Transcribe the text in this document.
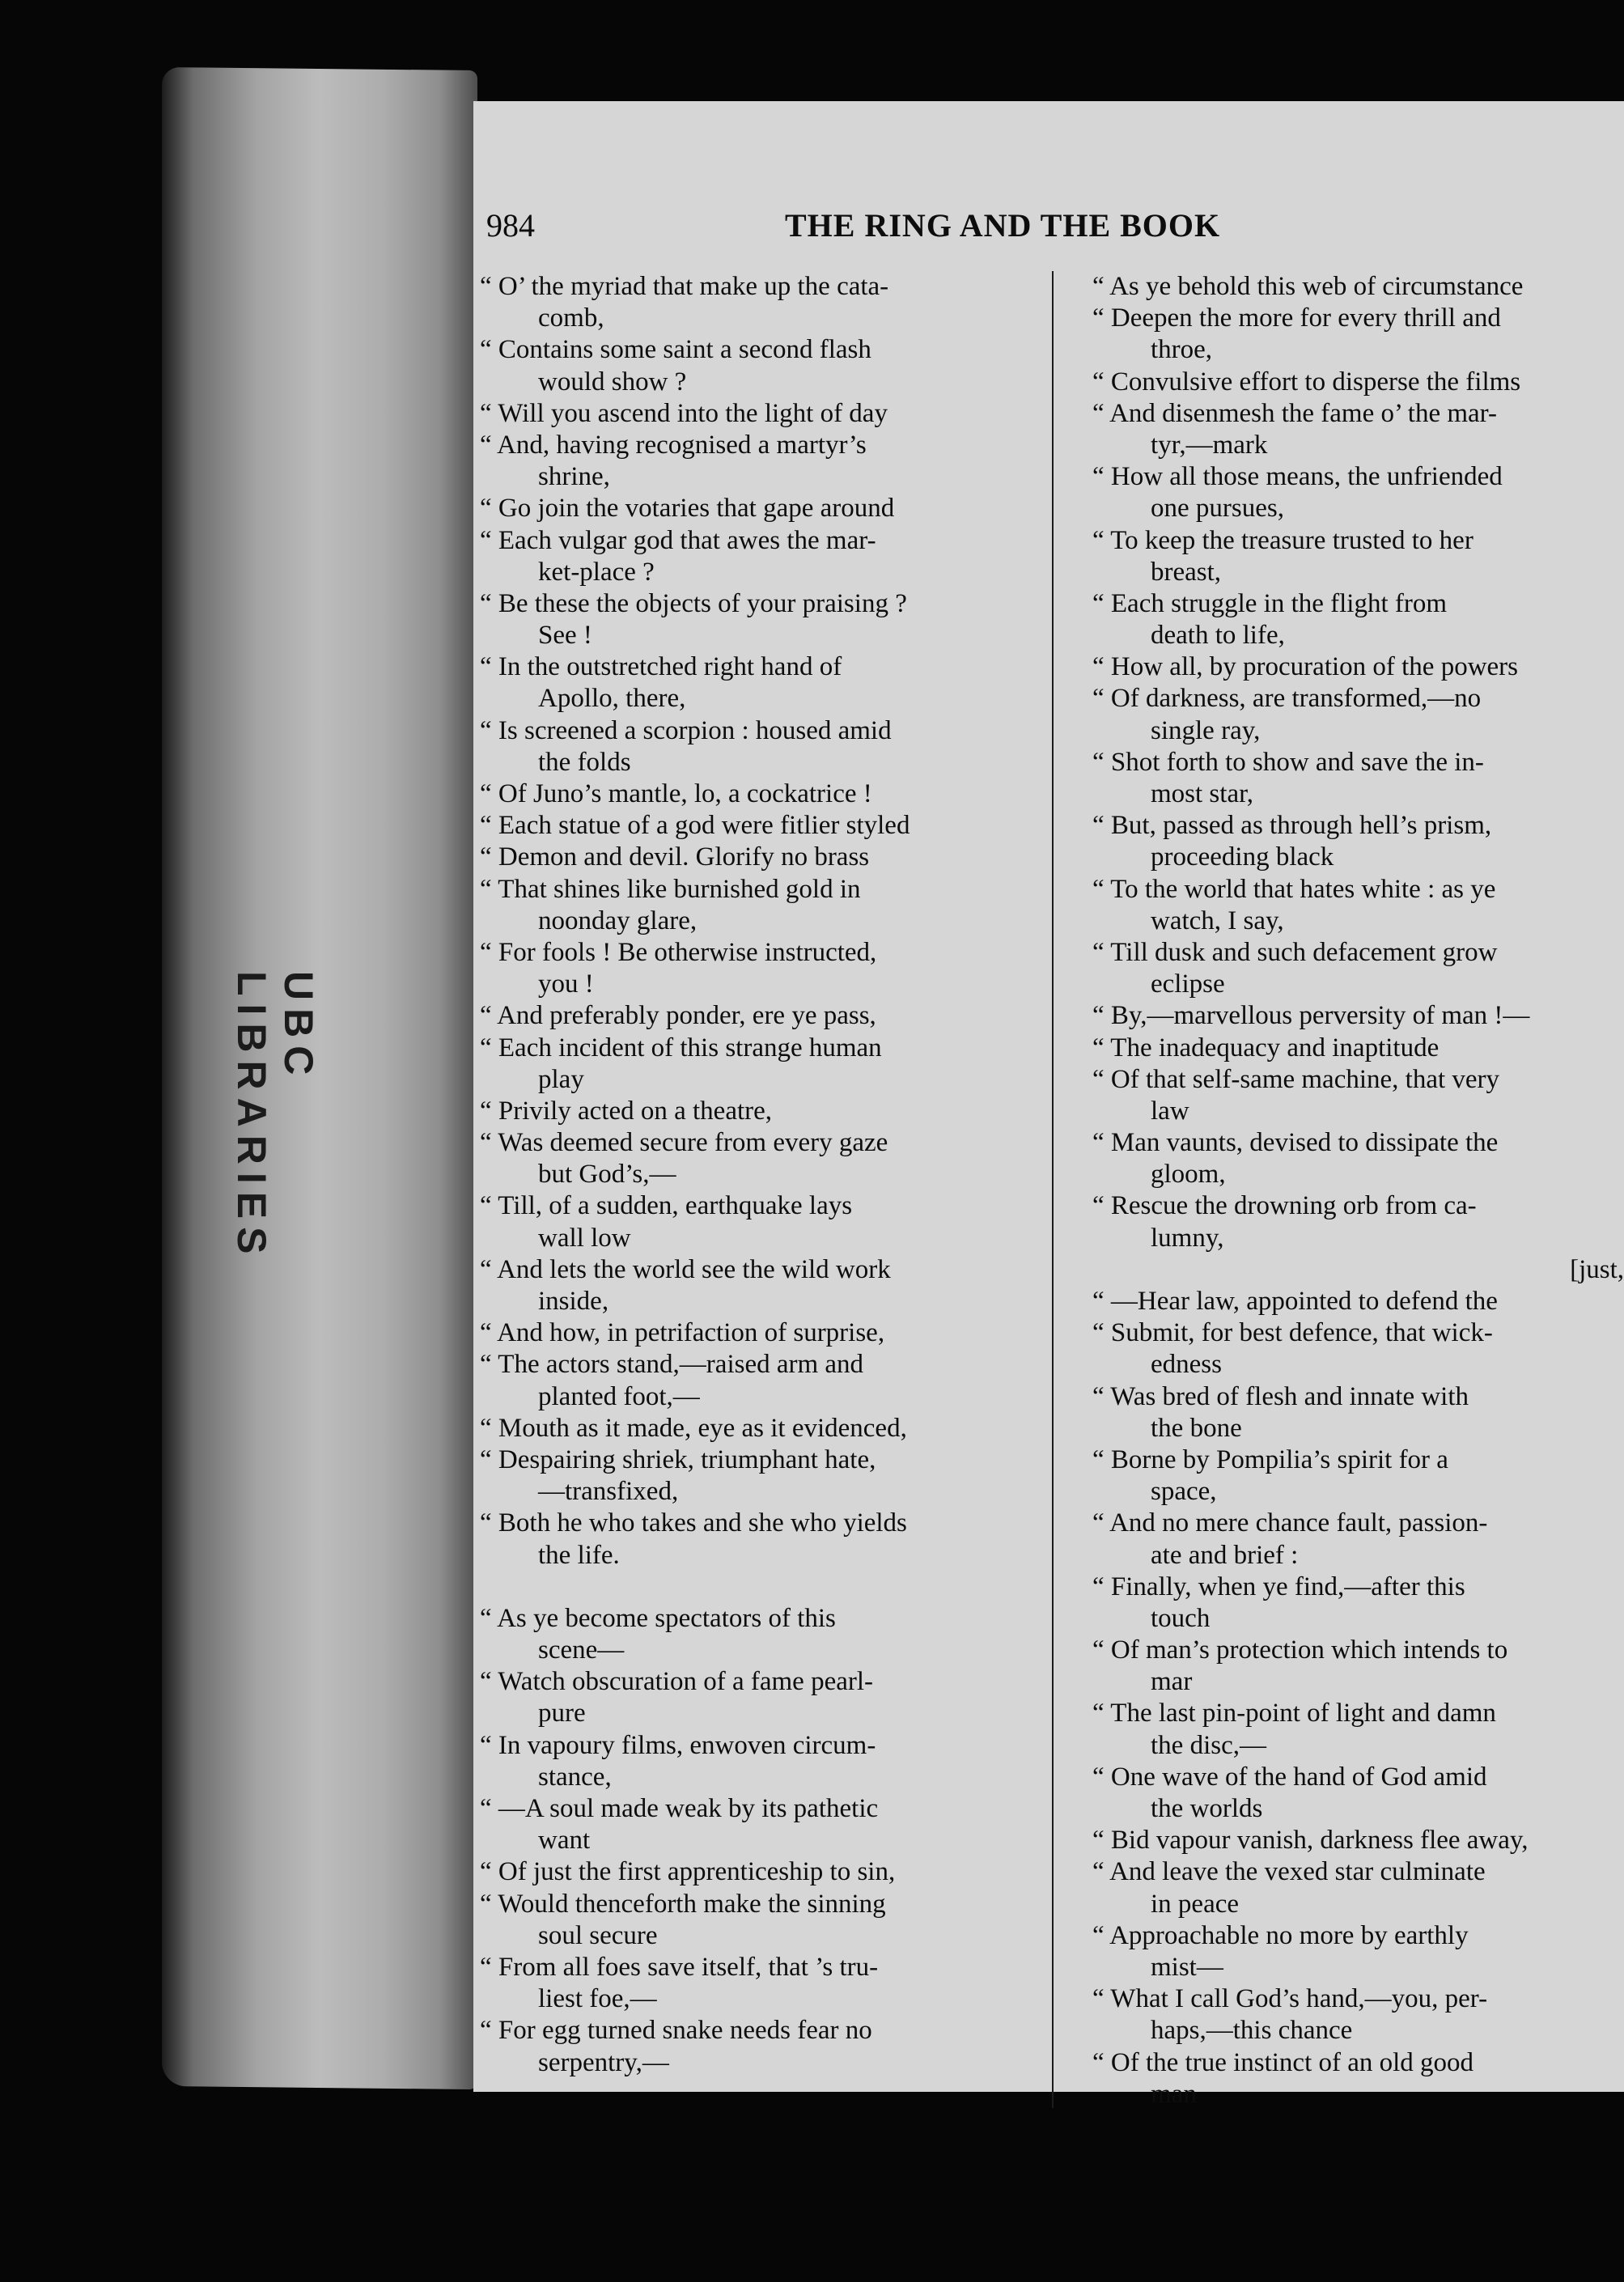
UBC LIBRARIES
984	THE RING AND THE BOOK
“ O’ the myriad that make up the cata-
comb,
“ Contains some saint a second flash
would show ?
“ Will you ascend into the light of day
“ And, having recognised a martyr’s
shrine,
“ Go join the votaries that gape around
“ Each vulgar god that awes the mar-
ket-place ?
“ Be these the objects of your praising ?
See !
“ In the outstretched right hand of
Apollo, there,
“ Is screened a scorpion : housed amid
the folds
“ Of Juno’s mantle, lo, a cockatrice !
“ Each statue of a god were fitlier styled
“ Demon and devil. Glorify no brass
“ That shines like burnished gold in
noonday glare,
“ For fools ! Be otherwise instructed,
you !
“ And preferably ponder, ere ye pass,
“ Each incident of this strange human
play
“ Privily acted on a theatre,
“ Was deemed secure from every gaze
but God’s,—
“ Till, of a sudden, earthquake lays
wall low
“ And lets the world see the wild work
inside,
“ And how, in petrifaction of surprise,
“ The actors stand,—raised arm and
planted foot,—
“ Mouth as it made, eye as it evidenced,
“ Despairing shriek, triumphant hate,
—transfixed,
“ Both he who takes and she who yields
the life.
“ As ye become spectators of this
scene—
“ Watch obscuration of a fame pearl-
pure
“ In vapoury films, enwoven circum-
stance,
“ —A soul made weak by its pathetic
want
“ Of just the first apprenticeship to sin,
“ Would thenceforth make the sinning
soul secure
“ From all foes save itself, that ’s tru-
liest foe,—
“ For egg turned snake needs fear no
serpentry,—
“ As ye behold this web of circumstance
“ Deepen the more for every thrill and
throe,
“ Convulsive effort to disperse the films
“ And disenmesh the fame o’ the mar-
tyr,—mark
“ How all those means, the unfriended
one pursues,
“ To keep the treasure trusted to her
breast,
“ Each struggle in the flight from
death to life,
“ How all, by procuration of the powers
“ Of darkness, are transformed,—no
single ray,
“ Shot forth to show and save the in-
most star,
“ But, passed as through hell’s prism,
proceeding black
“ To the world that hates white : as ye
watch, I say,
“ Till dusk and such defacement grow
eclipse
“ By,—marvellous perversity of man !—
“ The inadequacy and inaptitude
“ Of that self-same machine, that very
law
“ Man vaunts, devised to dissipate the
gloom,
“ Rescue the drowning orb from ca-
lumny,
[just,
“ —Hear law, appointed to defend the
“ Submit, for best defence, that wick-
edness
“ Was bred of flesh and innate with
the bone
“ Borne by Pompilia’s spirit for a
space,
“ And no mere chance fault, passion-
ate and brief :
“ Finally, when ye find,—after this
touch
“ Of man’s protection which intends to
mar
“ The last pin-point of light and damn
the disc,—
“ One wave of the hand of God amid
the worlds
“ Bid vapour vanish, darkness flee away,
“ And leave the vexed star culminate
in peace
“ Approachable no more by earthly
mist—
“ What I call God’s hand,—you, per-
haps,—this chance
“ Of the true instinct of an old good
man
